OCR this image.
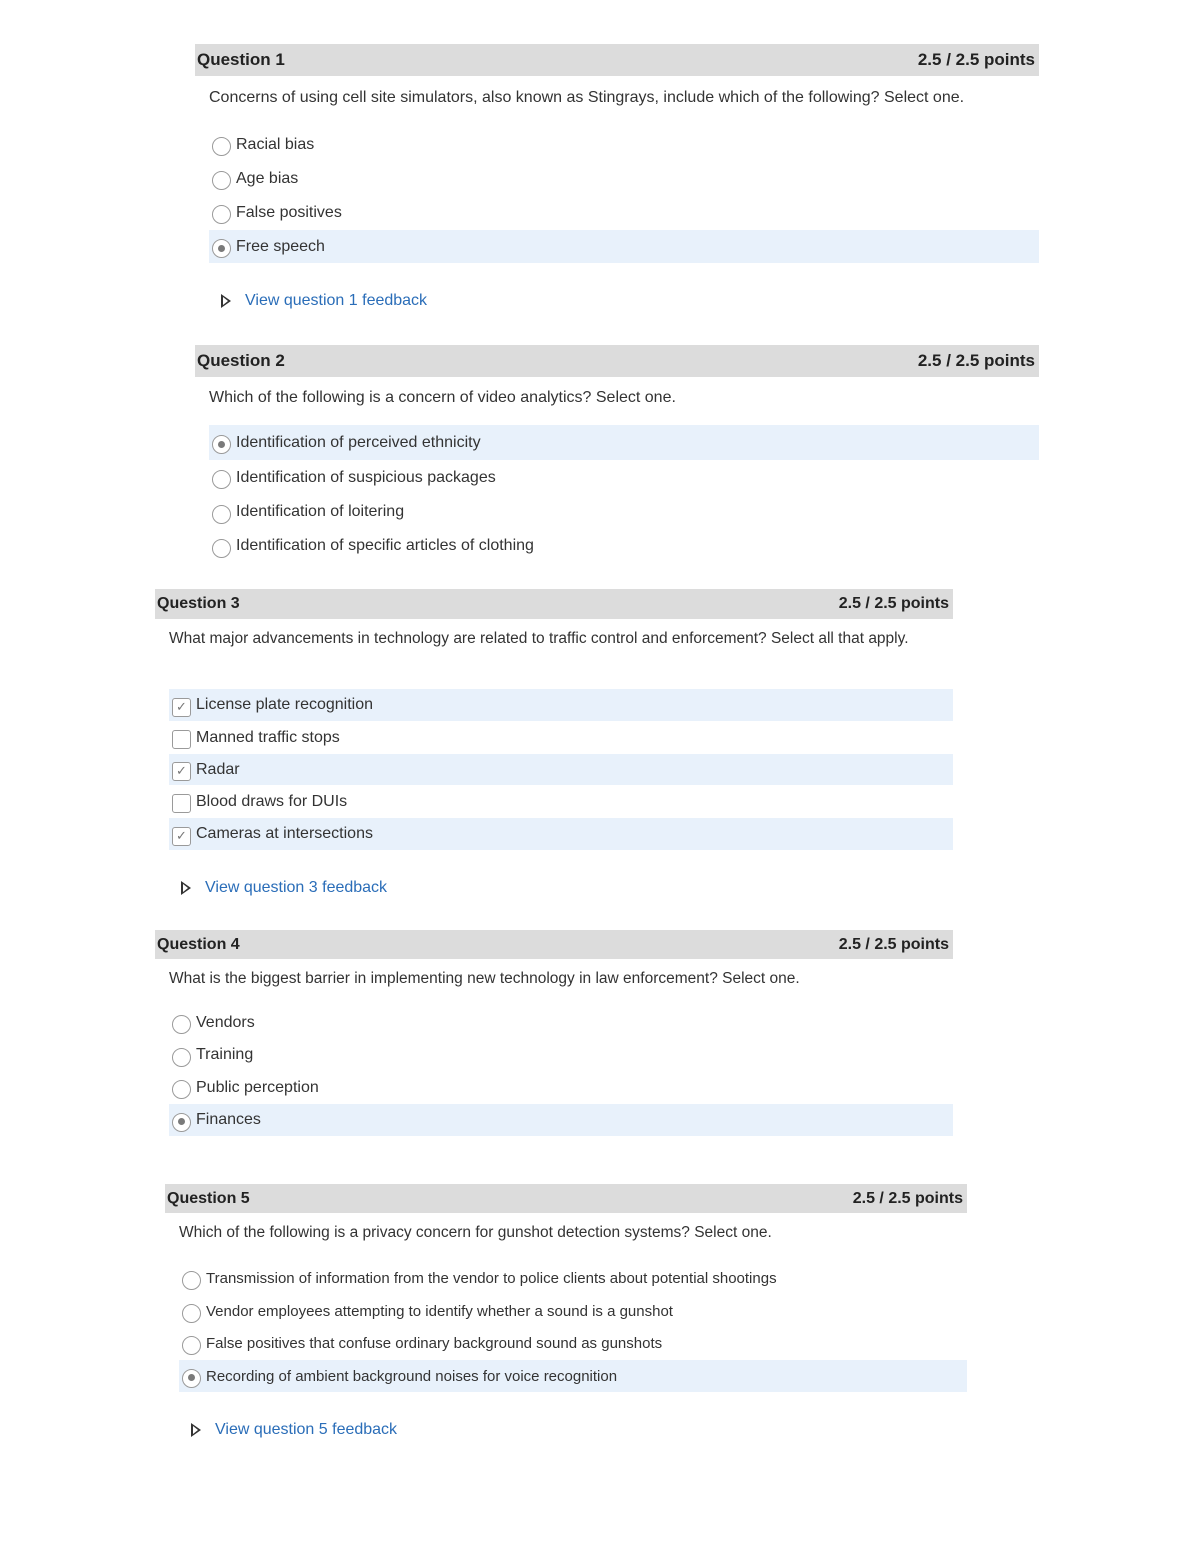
Question 1	2.5 / 2.5 points
Concerns of using cell site simulators, also known as Stingrays, include which of the following? Select one.
Racial bias
Age bias
False positives
Free speech
View question 1 feedback
Question 2	2.5 / 2.5 points
Which of the following is a concern of video analytics? Select one.
Identification of perceived ethnicity
Identification of suspicious packages
Identification of loitering
Identification of specific articles of clothing
Question 3	2.5 / 2.5 points
What major advancements in technology are related to traffic control and enforcement? Select all that apply.
✓ License plate recognition
Manned traffic stops
✓ Radar
Blood draws for DUIs
✓ Cameras at intersections
View question 3 feedback
Question 4	2.5 / 2.5 points
What is the biggest barrier in implementing new technology in law enforcement? Select one.
Vendors
Training
Public perception
Finances
Question 5	2.5 / 2.5 points
Which of the following is a privacy concern for gunshot detection systems? Select one.
Transmission of information from the vendor to police clients about potential shootings
Vendor employees attempting to identify whether a sound is a gunshot
False positives that confuse ordinary background sound as gunshots
Recording of ambient background noises for voice recognition
View question 5 feedback
